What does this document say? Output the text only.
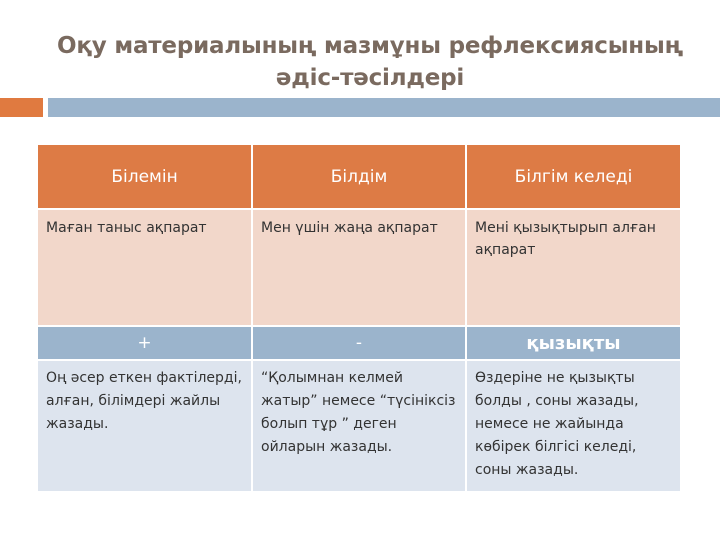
Оқу материалының мазмұны рефлексиясының
әдіс-тәсілдері
Білемін	Білдім	Білгім келеді
Маған таныс ақпарат	Мен үшін жаңа ақпарат	Мені қызықтырып алған ақпарат
+	-	қызықты
Оң әсер еткен фактілерді, алған, білімдері жайлы жазады.	“Қолымнан келмей жатыр” немесе “түсініксіз болып тұр ” деген ойларын жазады.	Өздеріне не қызықты болды , соны жазады, немесе не жайында көбірек білгісі келеді, соны жазады.
